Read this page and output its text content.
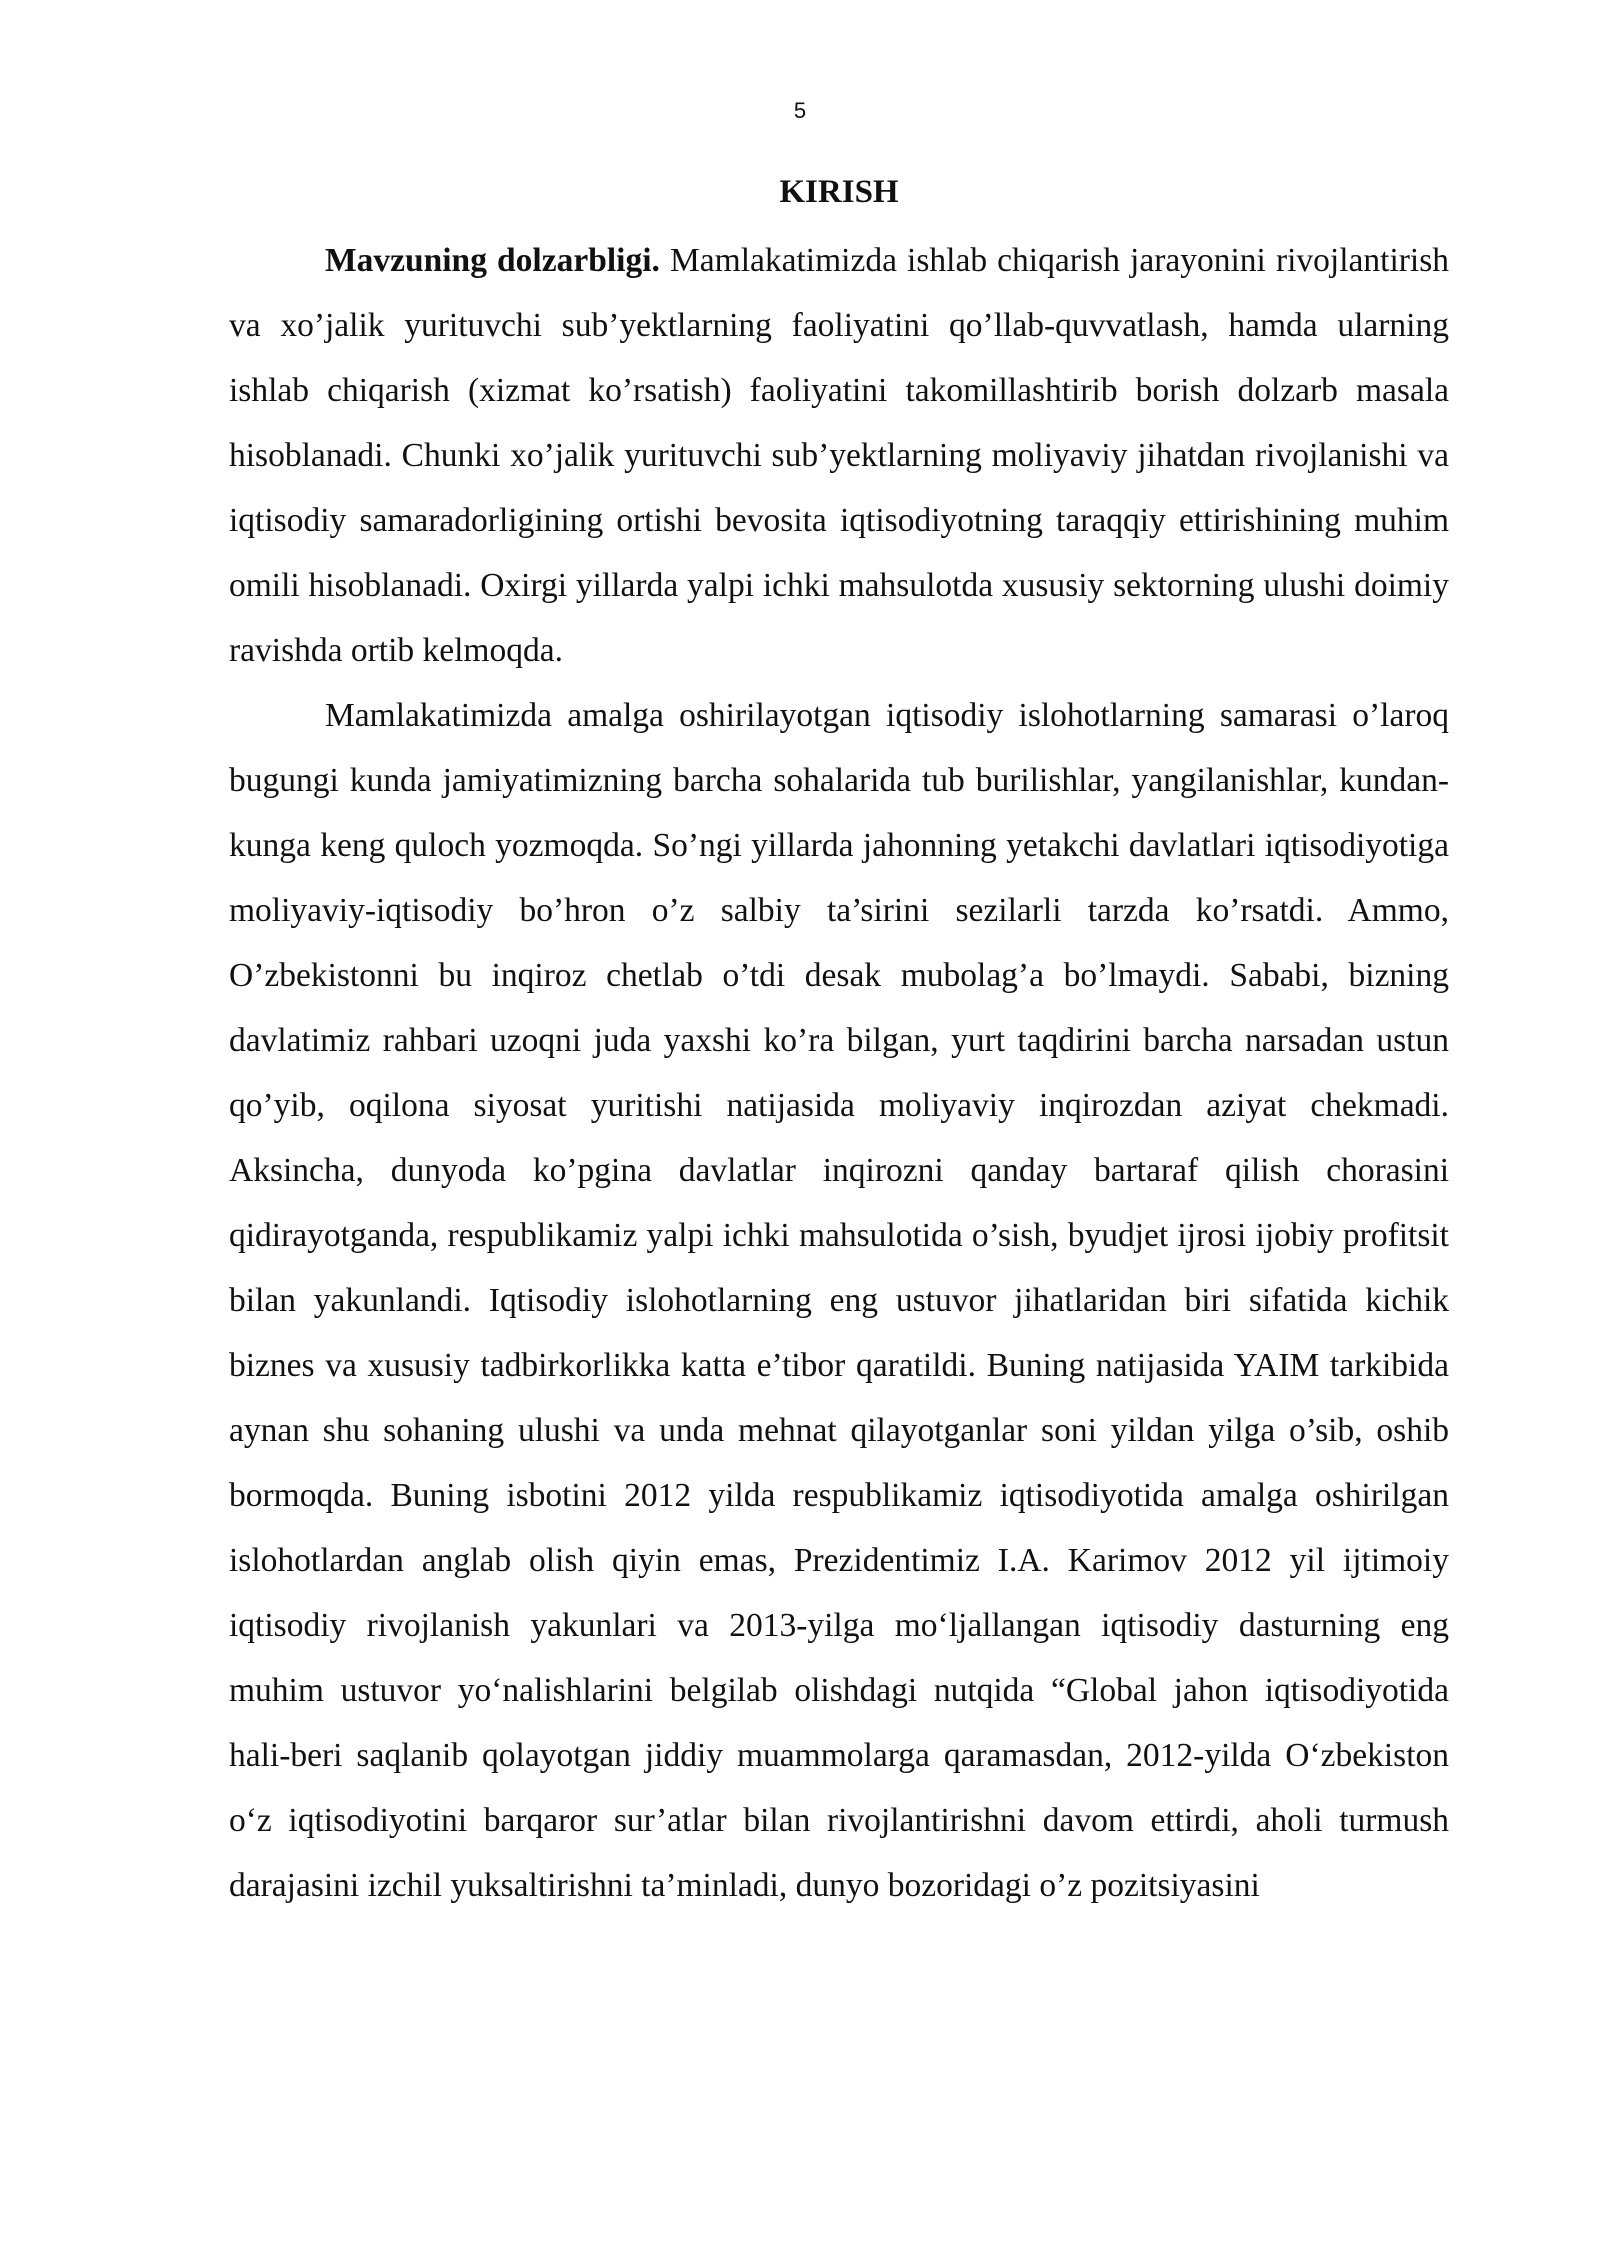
5
KIRISH

Mavzuning dolzarbligi. Mamlakatimizda ishlab chiqarish jarayonini rivojlantirish va xo’jalik yurituvchi sub’yektlarning faoliyatini qo’llab-quvvatlash, hamda ularning ishlab chiqarish (xizmat ko’rsatish) faoliyatini takomillashtirib borish dolzarb masala hisoblanadi. Chunki xo’jalik yurituvchi sub’yektlarning moliyaviy jihatdan rivojlanishi va iqtisodiy samaradorligining ortishi bevosita iqtisodiyotning taraqqiy ettirishining muhim omili hisoblanadi. Oxirgi yillarda yalpi ichki mahsulotda xususiy sektorning ulushi doimiy ravishda ortib kelmoqda.

Mamlakatimizda amalga oshirilayotgan iqtisodiy islohotlarning samarasi o’laroq bugungi kunda jamiyatimizning barcha sohalarida tub burilishlar, yangilanishlar, kundan-kunga keng quloch yozmoqda. So’ngi yillarda jahonning yetakchi davlatlari iqtisodiyotiga moliyaviy-iqtisodiy bo’hron o’z salbiy ta’sirini sezilarli tarzda ko’rsatdi. Ammo, O’zbekistonni bu inqiroz chetlab o’tdi desak mubolag’a bo’lmaydi. Sababi, bizning davlatimiz rahbari uzoqni juda yaxshi ko’ra bilgan, yurt taqdirini barcha narsadan ustun qo’yib, oqilona siyosat yuritishi natijasida moliyaviy inqirozdan aziyat chekmadi. Aksincha, dunyoda ko’pgina davlatlar inqirozni qanday bartaraf qilish chorasini qidirayotganda, respublikamiz yalpi ichki mahsulotida o’sish, byudjet ijrosi ijobiy profitsit bilan yakunlandi. Iqtisodiy islohotlarning eng ustuvor jihatlaridan biri sifatida kichik biznes va xususiy tadbirkorlikka katta e’tibor qaratildi. Buning natijasida YAIM tarkibida aynan shu sohaning ulushi va unda mehnat qilayotganlar soni yildan yilga o’sib, oshib bormoqda. Buning isbotini 2012 yilda respublikamiz iqtisodiyotida amalga oshirilgan islohotlardan anglab olish qiyin emas, Prezidentimiz I.A. Karimov 2012 yil ijtimoiy iqtisodiy rivojlanish yakunlari va 2013-yilga moʻljallangan iqtisodiy dasturning eng muhim ustuvor yoʻnalishlarini belgilab olishdagi nutqida “Global jahon iqtisodiyotida hali-beri saqlanib qolayotgan jiddiy muammolarga qaramasdan, 2012-yilda Oʻzbekiston oʻz iqtisodiyotini barqaror sur’atlar bilan rivojlantirishni davom ettirdi, aholi turmush darajasini izchil yuksaltirishni ta’minladi, dunyo bozoridagi o’z pozitsiyasini
